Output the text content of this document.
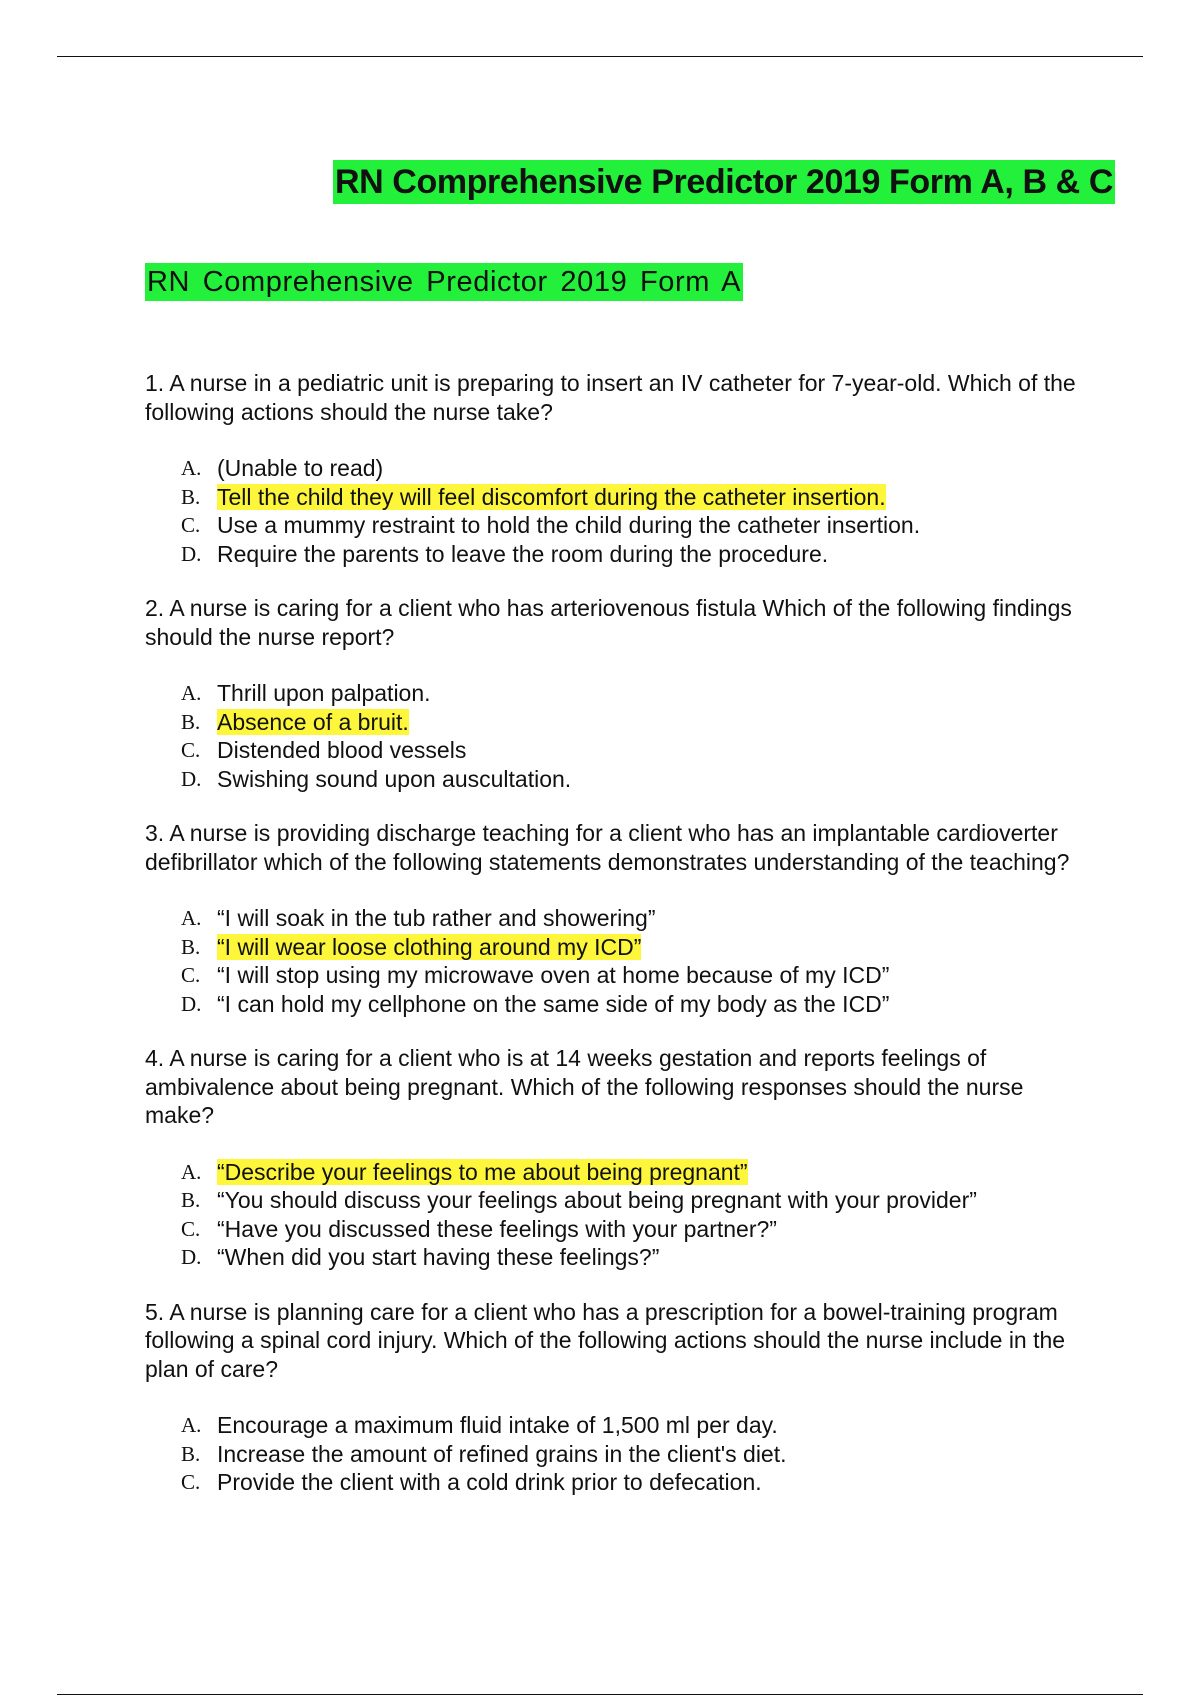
RN Comprehensive Predictor 2019 Form A, B & C
RN Comprehensive Predictor 2019 Form A

1. A nurse in a pediatric unit is preparing to insert an IV catheter for 7-year-old. Which of the following actions should the nurse take?

A. (Unable to read)
B. Tell the child they will feel discomfort during the catheter insertion.
C. Use a mummy restraint to hold the child during the catheter insertion.
D. Require the parents to leave the room during the procedure.

2. A nurse is caring for a client who has arteriovenous fistula Which of the following findings should the nurse report?

A. Thrill upon palpation.
B. Absence of a bruit.
C. Distended blood vessels
D. Swishing sound upon auscultation.

3. A nurse is providing discharge teaching for a client who has an implantable cardioverter defibrillator which of the following statements demonstrates understanding of the teaching?

A. “I will soak in the tub rather and showering”
B. “I will wear loose clothing around my ICD”
C. “I will stop using my microwave oven at home because of my ICD”
D. “I can hold my cellphone on the same side of my body as the ICD”

4. A nurse is caring for a client who is at 14 weeks gestation and reports feelings of ambivalence about being pregnant. Which of the following responses should the nurse make?

A. “Describe your feelings to me about being pregnant”
B. “You should discuss your feelings about being pregnant with your provider”
C. “Have you discussed these feelings with your partner?”
D. “When did you start having these feelings?”

5. A nurse is planning care for a client who has a prescription for a bowel-training program following a spinal cord injury. Which of the following actions should the nurse include in the plan of care?

A. Encourage a maximum fluid intake of 1,500 ml per day.
B. Increase the amount of refined grains in the client's diet.
C. Provide the client with a cold drink prior to defecation.
